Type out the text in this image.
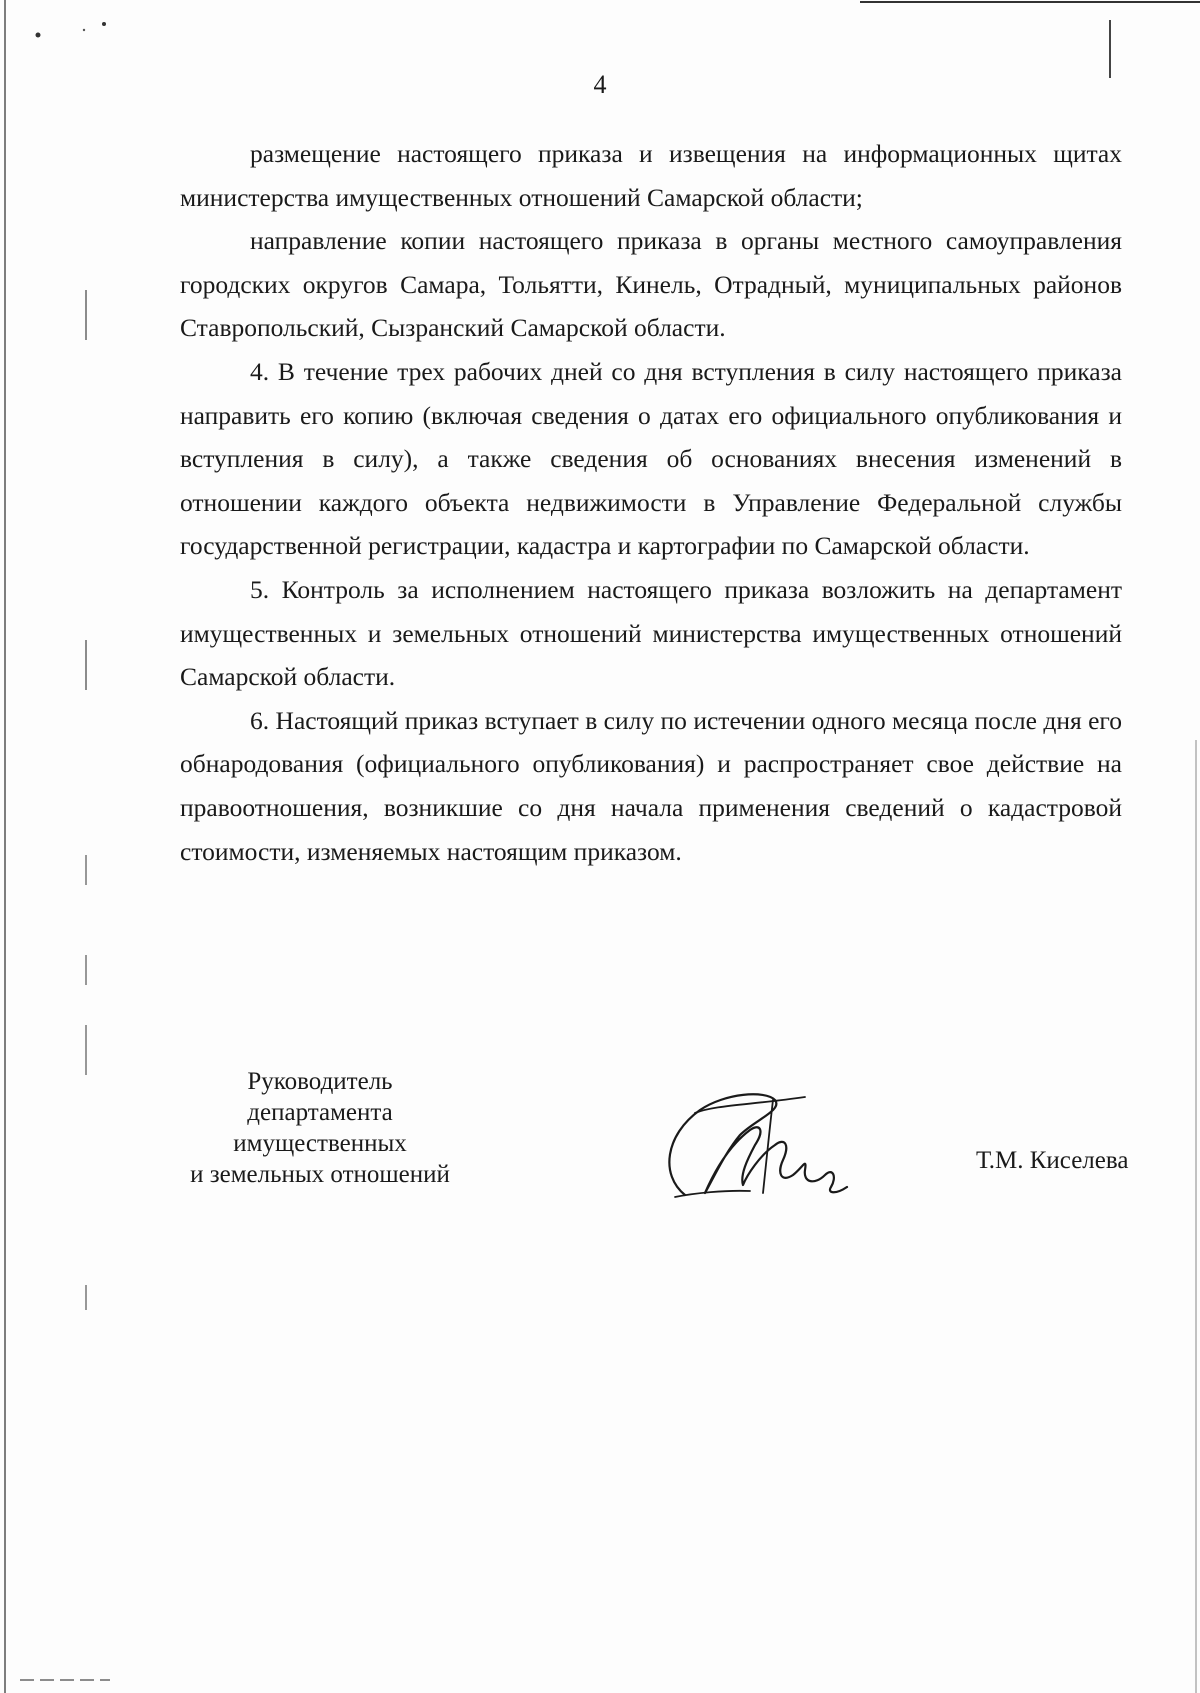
4

размещение настоящего приказа и извещения на информационных щитах министерства имущественных отношений Самарской области;

направление копии настоящего приказа в органы местного самоуправления городских округов Самара, Тольятти, Кинель, Отрадный, муниципальных районов Ставропольский, Сызранский Самарской области.

4. В течение трех рабочих дней со дня вступления в силу настоящего приказа направить его копию (включая сведения о датах его официального опубликования и вступления в силу), а также сведения об основаниях внесения изменений в отношении каждого объекта недвижимости в Управление Федеральной службы государственной регистрации, кадастра и картографии по Самарской области.

5. Контроль за исполнением настоящего приказа возложить на департамент имущественных и земельных отношений министерства имущественных отношений Самарской области.

6. Настоящий приказ вступает в силу по истечении одного месяца после дня его обнародования (официального опубликования) и распространяет свое действие на правоотношения, возникшие со дня начала применения сведений о кадастровой стоимости, изменяемых настоящим приказом.

Руководитель
департамента
имущественных
и земельных отношений
Т.М. Киселева
